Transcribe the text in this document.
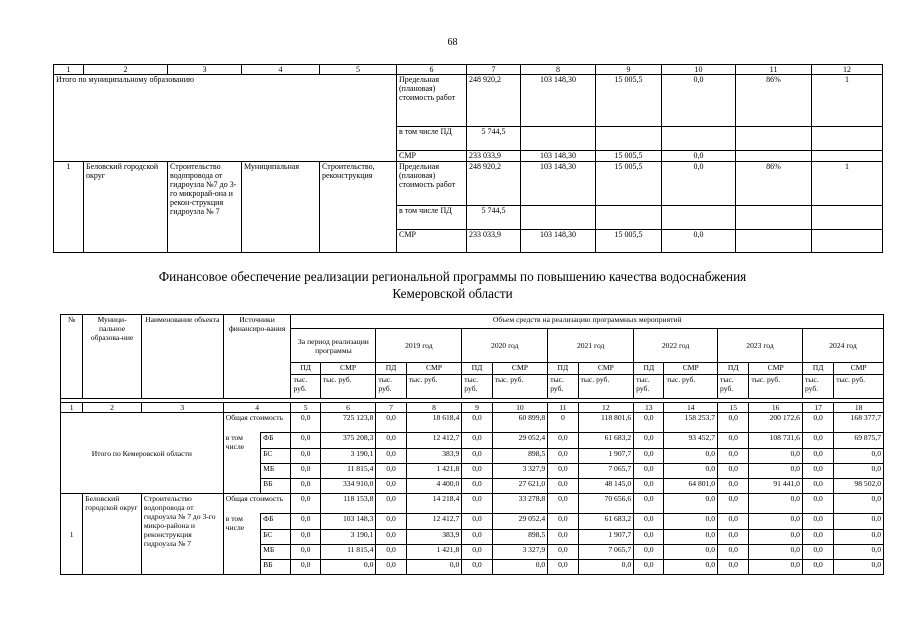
68
1	2	3	4	5	6	7	8	9	10	11	12
Итого по муниципальному образованию					Предельная (плановая) стоимость работ	248 920,2	103 148,30	15 005,5	0,0	86%	1
					в том числе ПД	5 744,5					
					СМР	233 033,9	103 148,30	15 005,5	0,0		
1	Беловский городской округ	Строительство водопровода от гидроузла №7 до 3-го микрорай-она и рекон-струкция гидроузла № 7	Муниципальная	Строительство, реконструкция	Предельная (плановая) стоимость работ	248 920,2	103 148,30	15 005,5	0,0	86%	1
					в том числе ПД	5 744,5					
					СМР	233 033,9	103 148,30	15 005,5	0,0		
Финансовое обеспечение реализации региональной программы по повышению качества водоснабжения
Кемеровской области
№	Муници-пальное образова-ние	Наименование объекта	Источники финансиро-вания		Объем средств на реализацию программных мероприятий													
					За период реализации программы		2019 год		2020 год		2021 год		2022 год		2023 год		2024 год	
					ПД	СМР	ПД	СМР	ПД	СМР	ПД	СМР	ПД	СМР	ПД	СМР	ПД	СМР
					тыс. руб.	тыс. руб.	тыс. руб.	тыс. руб.	тыс. руб.	тыс. руб.	тыс. руб.	тыс. руб.	тыс. руб.	тыс. руб.	тыс. руб.	тыс. руб.	тыс. руб.	тыс. руб.

1	2	3	4		5	6	7	8	9	10	11	12	13	14	15	16	17	18
Итого по Кемеровской области			Общая стоимость		0,0	725 123,8	0,0	18 618,4	0,0	60 899,8	0	118 801,6	0,0	158 253,7	0,0	200 172,6	0,0	168 377,7
			в том числе	ФБ	0,0	375 208,3	0,0	12 412,7	0,0	29 052,4	0,0	61 683,2	0,0	93 452,7	0,0	108 731,6	0,0	69 875,7
				БС	0,0	3 190,1	0,0	383,9	0,0	898,5	0,0	1 907,7	0,0	0,0	0,0	0,0	0,0	0,0
				МБ	0,0	11 815,4	0,0	1 421,8	0,0	3 327,9	0,0	7 065,7	0,0	0,0	0,0	0,0	0,0	0,0
				ВБ	0,0	334 910,0	0,0	4 400,0	0,0	27 621,0	0,0	48 145,0	0,0	64 801,0	0,0	91 441,0	0,0	98 502,0
1	Беловский городской округ	Строительство водопровода от гидроузла № 7 до 3-го микро-района и реконструкция гидроузла № 7	Общая стоимость		0,0	118 153,8	0,0	14 218,4	0,0	33 278,8	0,0	70 656,6	0,0	0,0	0,0	0,0	0,0	0,0
			в том числе	ФБ	0,0	103 148,3	0,0	12 412,7	0,0	29 052,4	0,0	61 683,2	0,0	0,0	0,0	0,0	0,0	0,0
				БС	0,0	3 190,1	0,0	383,9	0,0	898,5	0,0	1 907,7	0,0	0,0	0,0	0,0	0,0	0,0
				МБ	0,0	11 815,4	0,0	1 421,8	0,0	3 327,9	0,0	7 065,7	0,0	0,0	0,0	0,0	0,0	0,0
				ВБ	0,0	0,0	0,0	0,0	0,0	0,0	0,0	0,0	0,0	0,0	0,0	0,0	0,0	0,0
